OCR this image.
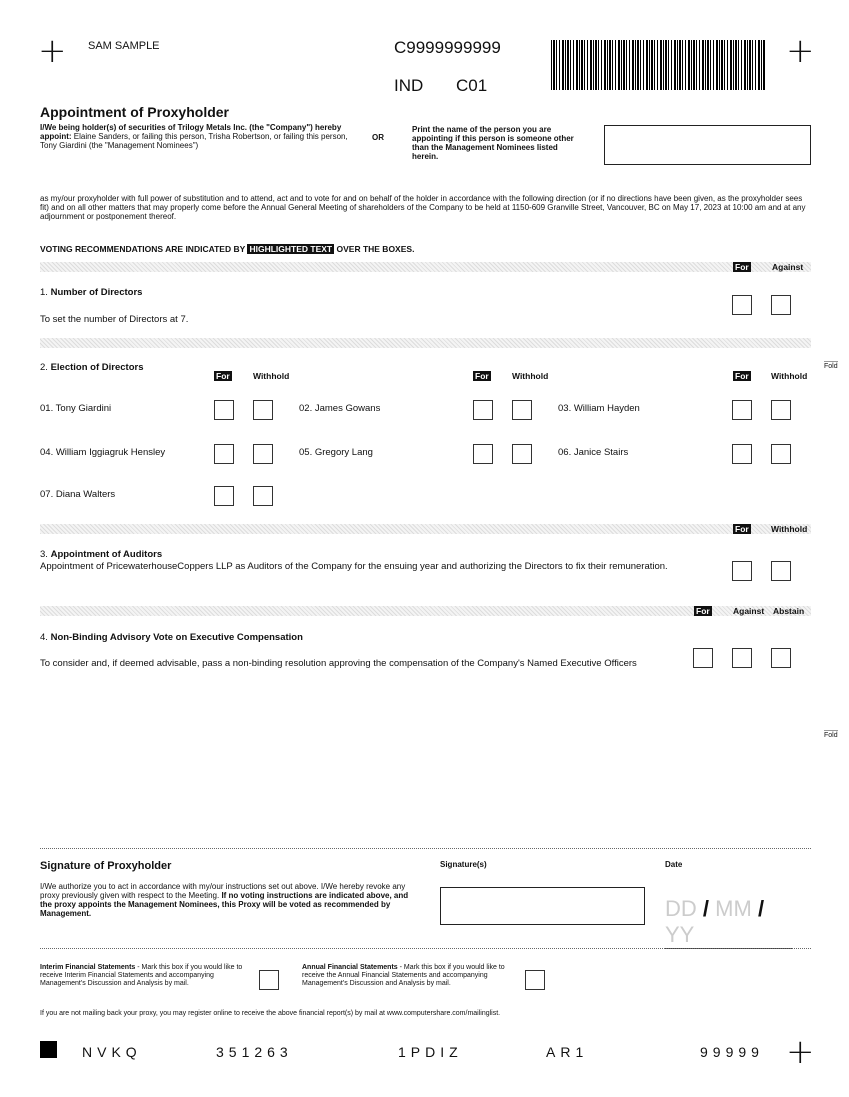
+ SAM SAMPLE	C9999999999
IND C01
+
Appointment of Proxyholder
I/We being holder(s) of securities of Trilogy Metals Inc. (the "Company") hereby appoint: Elaine Sanders, or failing this person, Trisha Robertson, or failing this person, Tony Giardini (the "Management Nominees")
OR
Print the name of the person you are appointing if this person is someone other than the Management Nominees listed herein.
as my/our proxyholder with full power of substitution and to attend, act and to vote for and on behalf of the holder in accordance with the following direction (or if no directions have been given, as the proxyholder sees fit) and on all other matters that may properly come before the Annual General Meeting of shareholders of the Company to be held at 1150-609 Granville Street, Vancouver, BC on May 17, 2023 at 10:00 am and at any adjournment or postponement thereof.
VOTING RECOMMENDATIONS ARE INDICATED BY HIGHLIGHTED TEXT OVER THE BOXES.
For	Against
1. Number of Directors
To set the number of Directors at 7.
2. Election of Directors
For	Withhold	For	Withhold	For	Withhold
01. Tony Giardini	02. James Gowans	03. William Hayden
04. William Iggiagruk Hensley	05. Gregory Lang	06. Janice Stairs
07. Diana Walters
Fold
For	Withhold
3. Appointment of Auditors
Appointment of PricewaterhouseCoppers LLP as Auditors of the Company for the ensuing year and authorizing the Directors to fix their remuneration.
For	Against Abstain
4. Non-Binding Advisory Vote on Executive Compensation
To consider and, if deemed advisable, pass a non-binding resolution approving the compensation of the Company's Named Executive Officers
Fold
Signature of Proxyholder
I/We authorize you to act in accordance with my/our instructions set out above. I/We hereby revoke any proxy previously given with respect to the Meeting. If no voting instructions are indicated above, and the proxy appoints the Management Nominees, this Proxy will be voted as recommended by Management.
Signature(s)	Date
DD / MM / YY
Interim Financial Statements - Mark this box if you would like to receive Interim Financial Statements and accompanying Management's Discussion and Analysis by mail.
Annual Financial Statements - Mark this box if you would like to receive the Annual Financial Statements and accompanying Management's Discussion and Analysis by mail.
If you are not mailing back your proxy, you may register online to receive the above financial report(s) by mail at www.computershare.com/mailinglist.
NVKQ	351263	1PDIZ	AR1	99999 +
